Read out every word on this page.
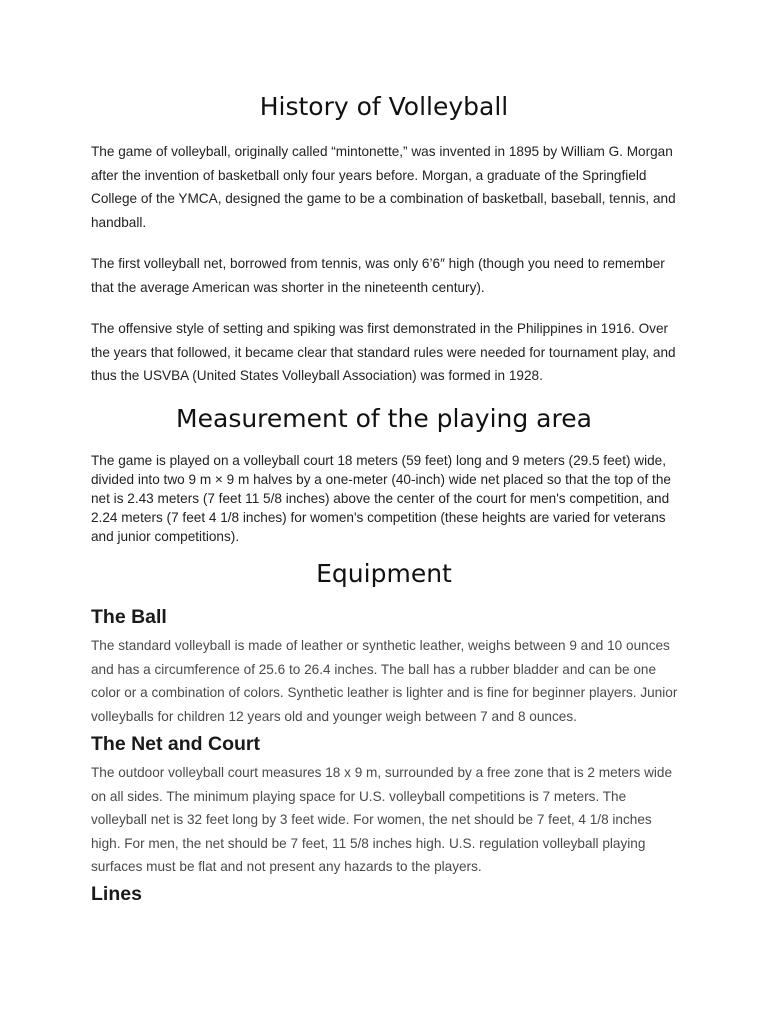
History of Volleyball

The game of volleyball, originally called “mintonette,” was invented in 1895 by William G. Morgan after the invention of basketball only four years before. Morgan, a graduate of the Springfield College of the YMCA, designed the game to be a combination of basketball, baseball, tennis, and handball.

The first volleyball net, borrowed from tennis, was only 6’6″ high (though you need to remember that the average American was shorter in the nineteenth century).

The offensive style of setting and spiking was first demonstrated in the Philippines in 1916. Over the years that followed, it became clear that standard rules were needed for tournament play, and thus the USVBA (United States Volleyball Association) was formed in 1928.

Measurement of the playing area

The game is played on a volleyball court 18 meters (59 feet) long and 9 meters (29.5 feet) wide, divided into two 9 m × 9 m halves by a one-meter (40-inch) wide net placed so that the top of the net is 2.43 meters (7 feet 11 5/8 inches) above the center of the court for men's competition, and 2.24 meters (7 feet 4 1/8 inches) for women's competition (these heights are varied for veterans and junior competitions).

Equipment
The Ball

The standard volleyball is made of leather or synthetic leather, weighs between 9 and 10 ounces and has a circumference of 25.6 to 26.4 inches. The ball has a rubber bladder and can be one color or a combination of colors. Synthetic leather is lighter and is fine for beginner players. Junior volleyballs for children 12 years old and younger weigh between 7 and 8 ounces.

The Net and Court

The outdoor volleyball court measures 18 x 9 m, surrounded by a free zone that is 2 meters wide on all sides. The minimum playing space for U.S. volleyball competitions is 7 meters. The volleyball net is 32 feet long by 3 feet wide. For women, the net should be 7 feet, 4 1/8 inches high. For men, the net should be 7 feet, 11 5/8 inches high. U.S. regulation volleyball playing surfaces must be flat and not present any hazards to the players.

Lines
